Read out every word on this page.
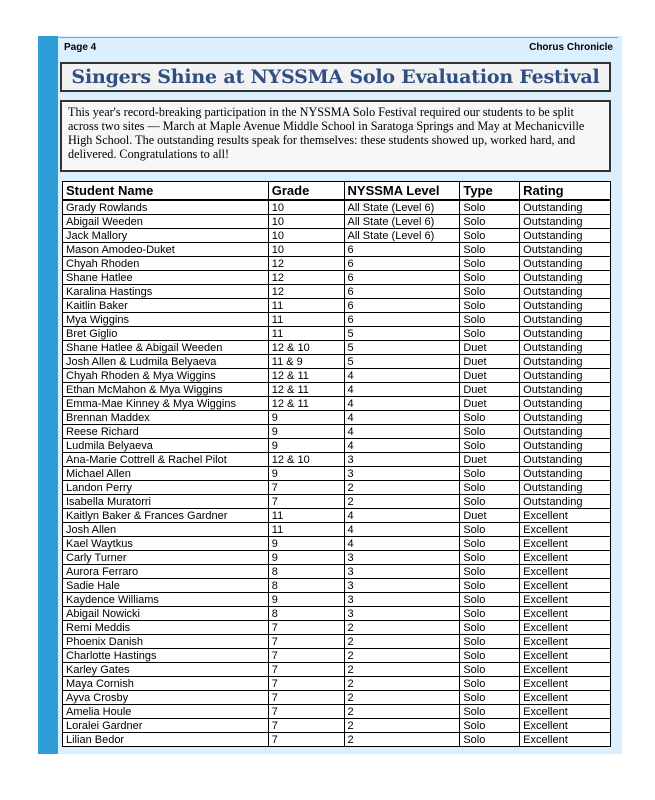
Page 4	Chorus Chronicle
Singers Shine at NYSSMA Solo Evaluation Festival
This year's record-breaking participation in the NYSSMA Solo Festival required our students to be split across two sites — March at Maple Avenue Middle School in Saratoga Springs and May at Mechanicville High School. The outstanding results speak for themselves: these students showed up, worked hard, and delivered. Congratulations to all!
Student Name	Grade	NYSSMA Level	Type	Rating
Grady Rowlands	10	All State (Level 6)	Solo	Outstanding
Abigail Weeden	10	All State (Level 6)	Solo	Outstanding
Jack Mallory	10	All State (Level 6)	Solo	Outstanding
Mason Amodeo-Duket	10	6	Solo	Outstanding
Chyah Rhoden	12	6	Solo	Outstanding
Shane Hatlee	12	6	Solo	Outstanding
Karalina Hastings	12	6	Solo	Outstanding
Kaitlin Baker	11	6	Solo	Outstanding
Mya Wiggins	11	6	Solo	Outstanding
Bret Giglio	11	5	Solo	Outstanding
Shane Hatlee & Abigail Weeden	12 & 10	5	Duet	Outstanding
Josh Allen & Ludmila Belyaeva	11 & 9	5	Duet	Outstanding
Chyah Rhoden & Mya Wiggins	12 & 11	4	Duet	Outstanding
Ethan McMahon & Mya Wiggins	12 & 11	4	Duet	Outstanding
Emma-Mae Kinney & Mya Wiggins	12 & 11	4	Duet	Outstanding
Brennan Maddex	9	4	Solo	Outstanding
Reese Richard	9	4	Solo	Outstanding
Ludmila Belyaeva	9	4	Solo	Outstanding
Ana-Marie Cottrell & Rachel Pilot	12 & 10	3	Duet	Outstanding
Michael Allen	9	3	Solo	Outstanding
Landon Perry	7	2	Solo	Outstanding
Isabella Muratorri	7	2	Solo	Outstanding
Kaitlyn Baker & Frances Gardner	11	4	Duet	Excellent
Josh Allen	11	4	Solo	Excellent
Kael Waytkus	9	4	Solo	Excellent
Carly Turner	9	3	Solo	Excellent
Aurora Ferraro	8	3	Solo	Excellent
Sadie Hale	8	3	Solo	Excellent
Kaydence Williams	9	3	Solo	Excellent
Abigail Nowicki	8	3	Solo	Excellent
Remi Meddis	7	2	Solo	Excellent
Phoenix Danish	7	2	Solo	Excellent
Charlotte Hastings	7	2	Solo	Excellent
Karley Gates	7	2	Solo	Excellent
Maya Cornish	7	2	Solo	Excellent
Ayva Crosby	7	2	Solo	Excellent
Amelia Houle	7	2	Solo	Excellent
Loralei Gardner	7	2	Solo	Excellent
Lilian Bedor	7	2	Solo	Excellent
